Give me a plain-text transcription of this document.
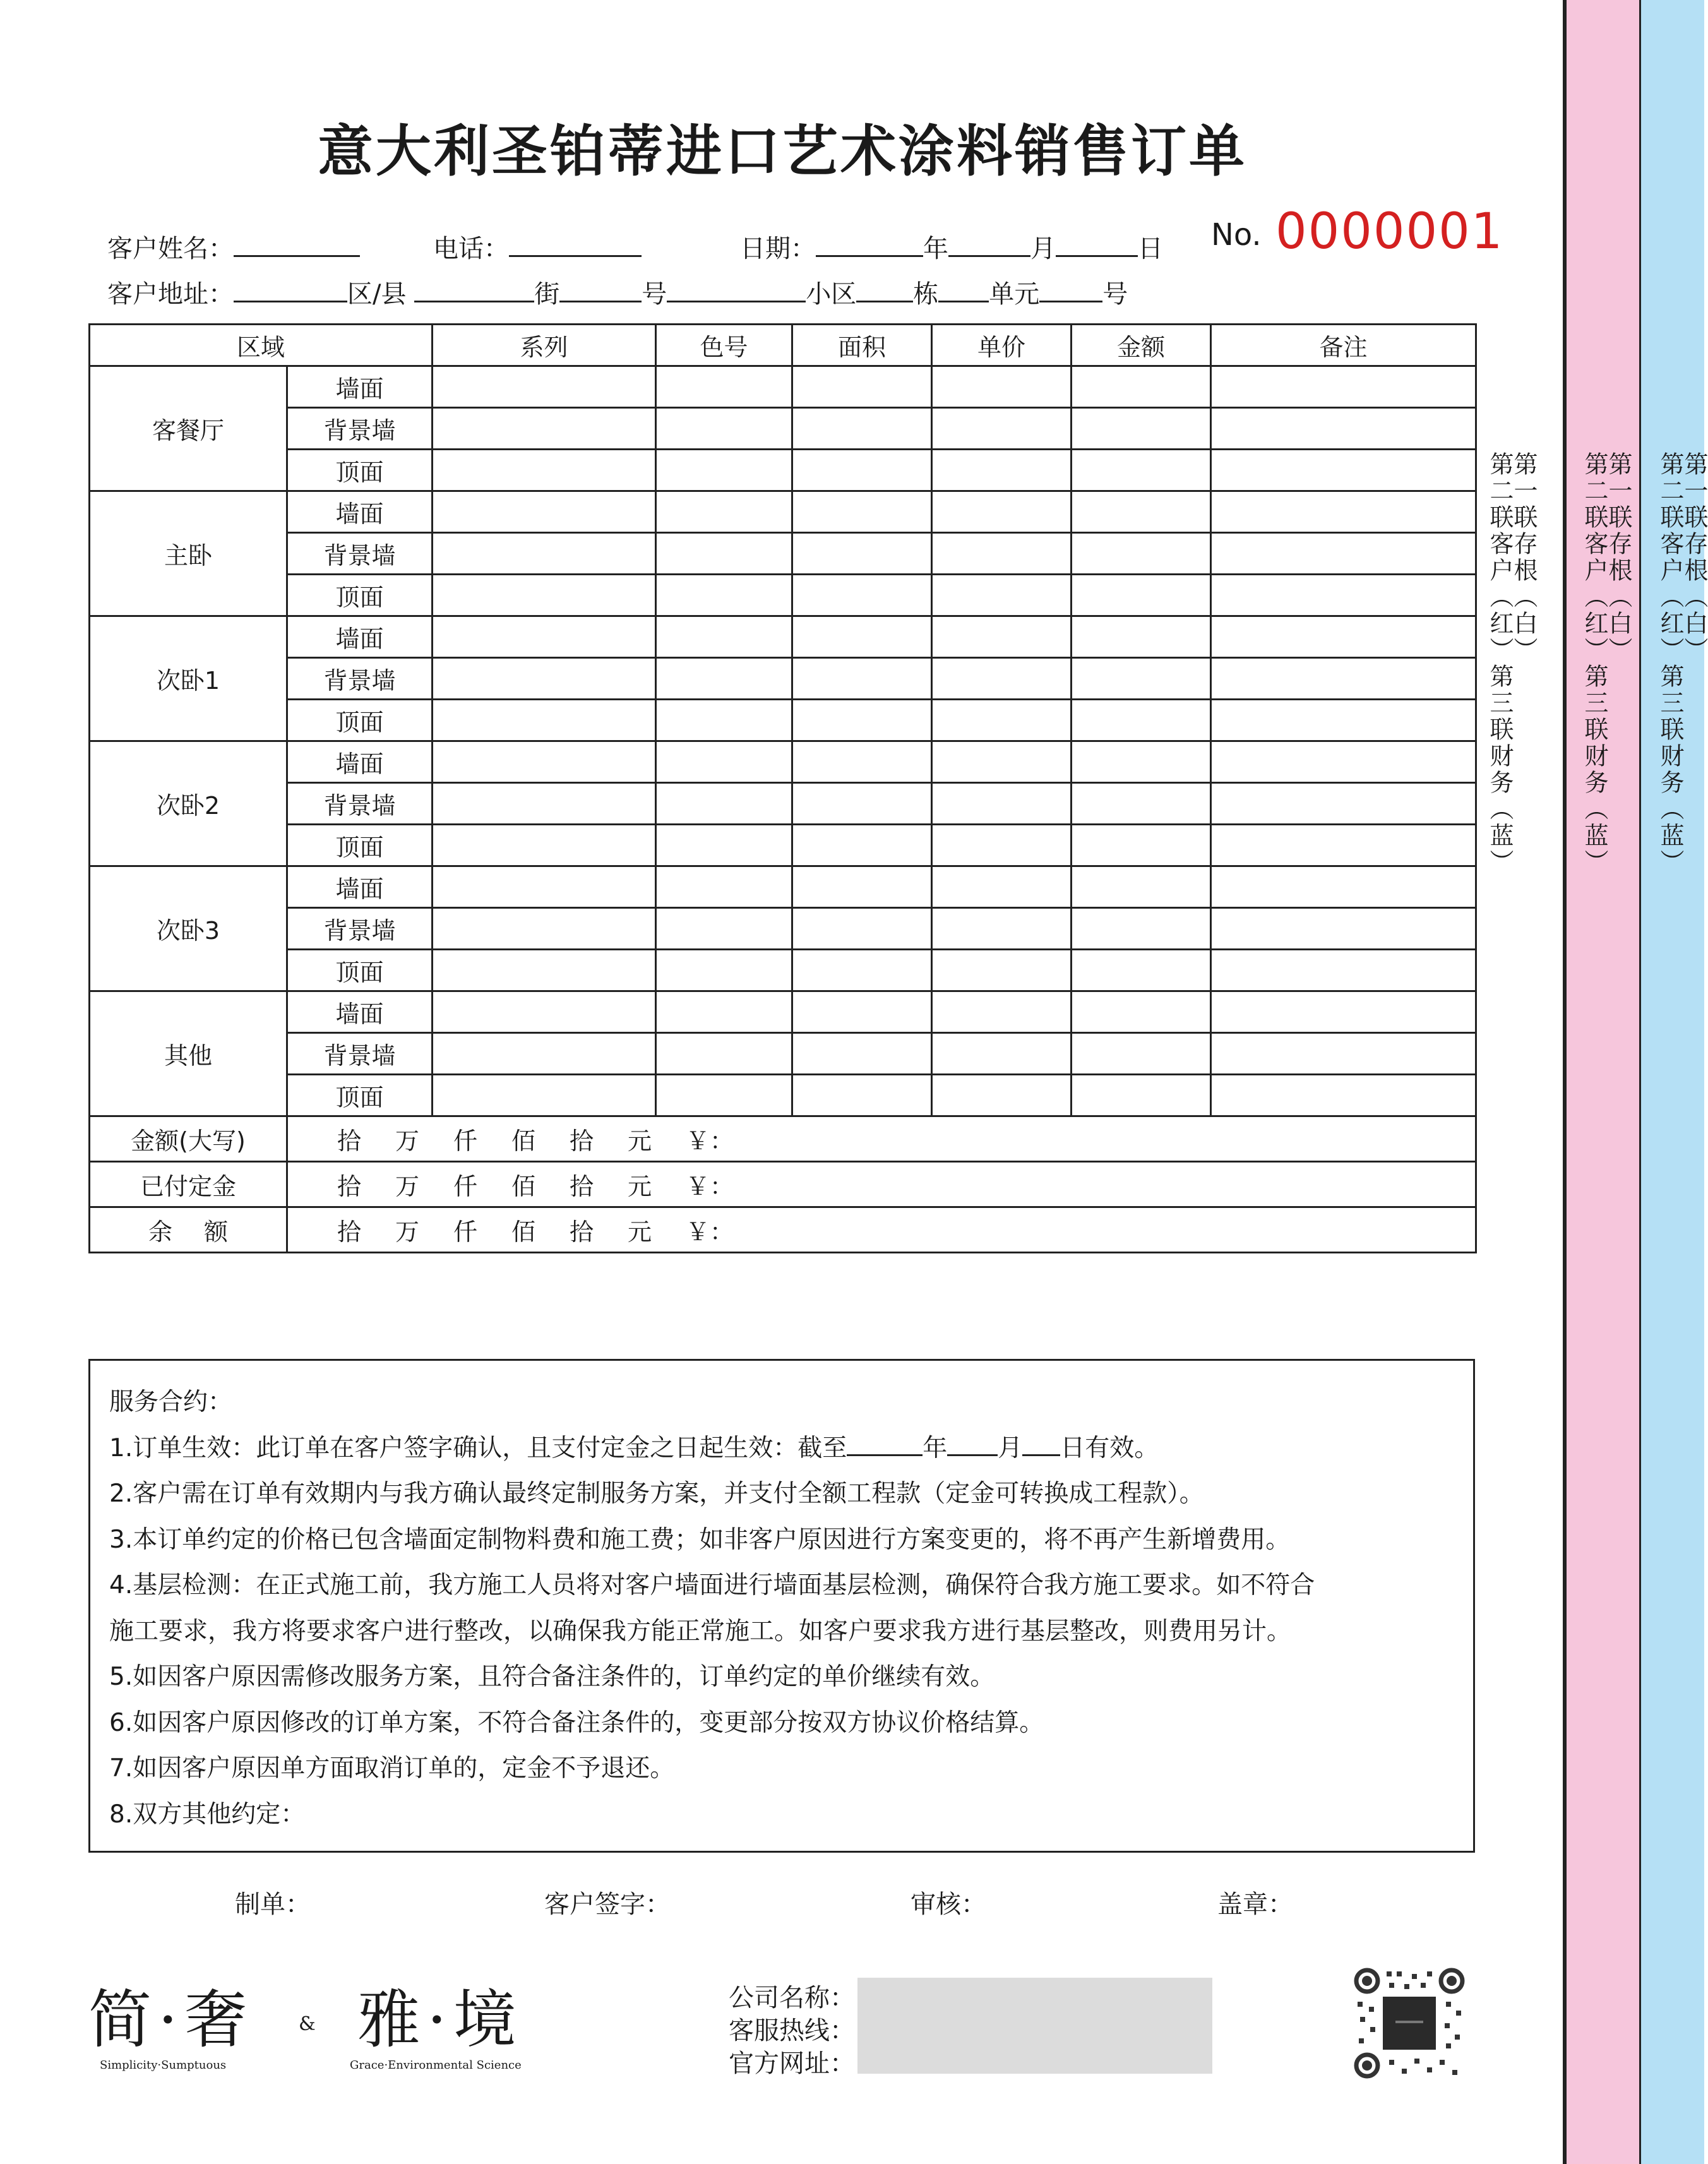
第一联存根（白）
第二联客户（红）第三联财务（蓝）
第一联存根（白）
第二联客户（红）第三联财务（蓝）
第一联存根（白）
第二联客户（红）第三联财务（蓝）
意大利圣铂蒂进口艺术涂料销售订单
客户姓名：	电话：	日期：	年	月	日 No. 0000001
客户地址：	区/县	街	号	小区 栋 单元	号
区域		系列	色号	面积	单价	金额	备注
客餐厅	墙面						
	背景墙						
	顶面						
主卧	墙面						
	背景墙						
	顶面						
次卧1	墙面						
	背景墙						
	顶面						
次卧2	墙面						
	背景墙						
	顶面						
次卧3	墙面						
	背景墙						
	顶面						
其他	墙面						
	背景墙						
	顶面						
金额(大写)	拾 万 仟 佰 拾 元 ￥：						
已付定金	拾 万 仟 佰 拾 元 ￥：						
余　 额	拾 万 仟 佰 拾 元 ￥：						

服务合约：

1.订单生效：此订单在客户签字确认，且支付定金之日起生效：截至	年 月 日有效。

2.客户需在订单有效期内与我方确认最终定制服务方案，并支付全额工程款（定金可转换成工程款）。

3.本订单约定的价格已包含墙面定制物料费和施工费；如非客户原因进行方案变更的，将不再产生新增费用。

4.基层检测：在正式施工前，我方施工人员将对客户墙面进行墙面基层检测，确保符合我方施工要求。如不符合

施工要求，我方将要求客户进行整改，以确保我方能正常施工。如客户要求我方进行基层整改，则费用另计。

5.如因客户原因需修改服务方案，且符合备注条件的，订单约定的单价继续有效。

6.如因客户原因修改的订单方案，不符合备注条件的，变更部分按双方协议价格结算。

7.如因客户原因单方面取消订单的，定金不予退还。

8.双方其他约定：

制单：	客户签字：	审核：	盖章：
简·奢
Simplicity·Sumptuous
& 雅·境
Grace·Environmental Science
公司名称：
客服热线：
官方网址：
